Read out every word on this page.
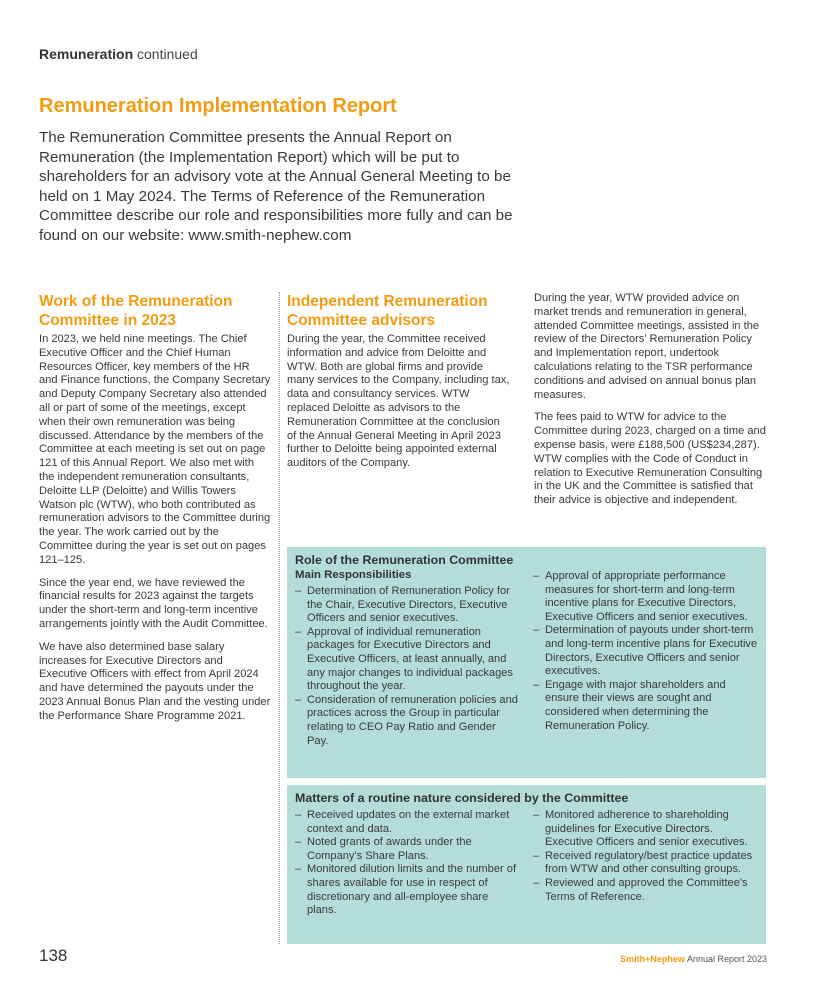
Remuneration continued
Remuneration Implementation Report
The Remuneration Committee presents the Annual Report on Remuneration (the Implementation Report) which will be put to shareholders for an advisory vote at the Annual General Meeting to be held on 1 May 2024. The Terms of Reference of the Remuneration Committee describe our role and responsibilities more fully and can be found on our website: www.smith-nephew.com
Work of the Remuneration Committee in 2023

In 2023, we held nine meetings. The Chief Executive Officer and the Chief Human Resources Officer, key members of the HR and Finance functions, the Company Secretary and Deputy Company Secretary also attended all or part of some of the meetings, except when their own remuneration was being discussed. Attendance by the members of the Committee at each meeting is set out on page 121 of this Annual Report. We also met with the independent remuneration consultants, Deloitte LLP (Deloitte) and Willis Towers Watson plc (WTW), who both contributed as remuneration advisors to the Committee during the year. The work carried out by the Committee during the year is set out on pages 121–125.

Since the year end, we have reviewed the financial results for 2023 against the targets under the short-term and long-term incentive arrangements jointly with the Audit Committee.

We have also determined base salary increases for Executive Directors and Executive Officers with effect from April 2024 and have determined the payouts under the 2023 Annual Bonus Plan and the vesting under the Performance Share Programme 2021.

Independent Remuneration Committee advisors

During the year, the Committee received information and advice from Deloitte and WTW. Both are global firms and provide many services to the Company, including tax, data and consultancy services. WTW replaced Deloitte as advisors to the Remuneration Committee at the conclusion of the Annual General Meeting in April 2023 further to Deloitte being appointed external auditors of the Company.

During the year, WTW provided advice on market trends and remuneration in general, attended Committee meetings, assisted in the review of the Directors' Remuneration Policy and Implementation report, undertook calculations relating to the TSR performance conditions and advised on annual bonus plan measures.

The fees paid to WTW for advice to the Committee during 2023, charged on a time and expense basis, were £188,500 (US$234,287). WTW complies with the Code of Conduct in relation to Executive Remuneration Consulting in the UK and the Committee is satisfied that their advice is objective and independent.

Role of the Remuneration Committee
Main Responsibilities
– Determination of Remuneration Policy for the Chair, Executive Directors, Executive Officers and senior executives.
– Approval of individual remuneration packages for Executive Directors and Executive Officers, at least annually, and any major changes to individual packages throughout the year.
– Consideration of remuneration policies and practices across the Group in particular relating to CEO Pay Ratio and Gender Pay.
– Approval of appropriate performance measures for short-term and long-term incentive plans for Executive Directors, Executive Officers and senior executives.
– Determination of payouts under short-term and long-term incentive plans for Executive Directors, Executive Officers and senior executives.
– Engage with major shareholders and ensure their views are sought and considered when determining the Remuneration Policy.
Matters of a routine nature considered by the Committee
– Received updates on the external market context and data.
– Noted grants of awards under the Company's Share Plans.
– Monitored dilution limits and the number of shares available for use in respect of discretionary and all-employee share plans.
– Monitored adherence to shareholding guidelines for Executive Directors. Executive Officers and senior executives.
– Received regulatory/best practice updates from WTW and other consulting groups.
– Reviewed and approved the Committee's Terms of Reference.
138	Smith+Nephew Annual Report 2023
